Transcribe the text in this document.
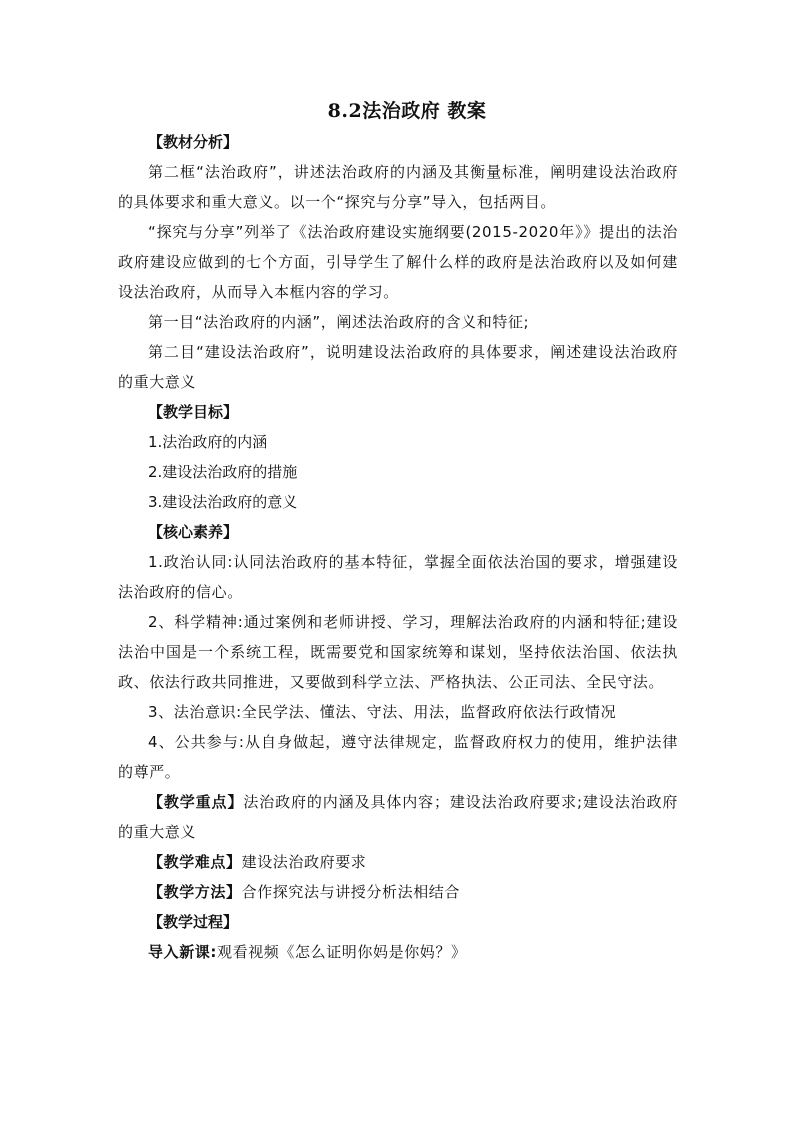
8.2法治政府 教案

【教材分析】

第二框“法治政府”，讲述法治政府的内涵及其衡量标准，阐明建设法治政府的具体要求和重大意义。以一个“探究与分享”导入，包括两目。

“探究与分享”列举了《法治政府建设实施纲要(2015-2020年》》提出的法治政府建设应做到的七个方面，引导学生了解什么样的政府是法治政府以及如何建设法治政府，从而导入本框内容的学习。

第一目“法治政府的内涵”，阐述法治政府的含义和特征;

第二目“建设法治政府”，说明建设法治政府的具体要求，阐述建设法治政府的重大意义

【教学目标】

1.法治政府的内涵

2.建设法治政府的措施

3.建设法治政府的意义

【核心素养】

1.政治认同:认同法治政府的基本特征，掌握全面依法治国的要求，增强建设法治政府的信心。

2、科学精神:通过案例和老师讲授、学习，理解法治政府的内涵和特征;建设法治中国是一个系统工程，既需要党和国家统筹和谋划，坚持依法治国、依法执政、依法行政共同推进，又要做到科学立法、严格执法、公正司法、全民守法。

3、法治意识:全民学法、懂法、守法、用法，监督政府依法行政情况

4、公共参与:从自身做起，遵守法律规定，监督政府权力的使用，维护法律的尊严。

【教学重点】法治政府的内涵及具体内容；建设法治政府要求;建设法治政府的重大意义

【教学难点】建设法治政府要求

【教学方法】合作探究法与讲授分析法相结合

【教学过程】

导入新课:观看视频《怎么证明你妈是你妈？》
